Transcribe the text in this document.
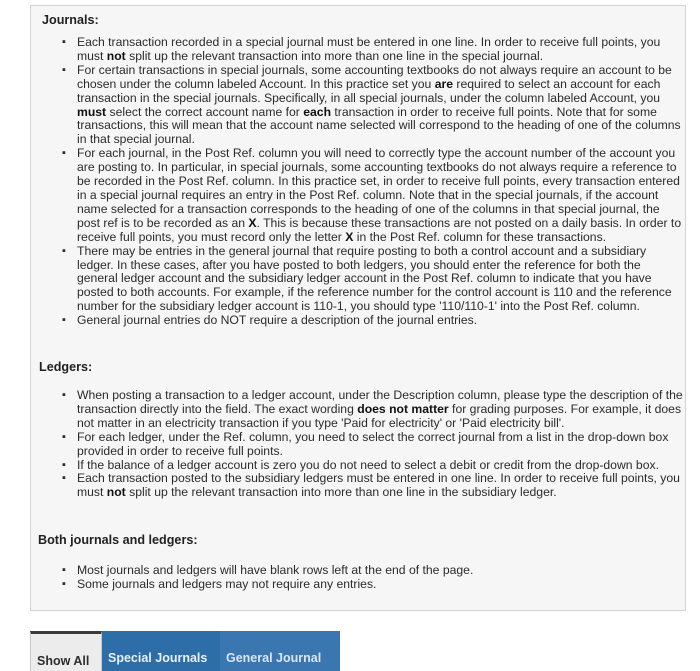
Journals:
▪ Each transaction recorded in a special journal must be entered in one line. In order to receive full points, you must not split up the relevant transaction into more than one line in the special journal.
▪ For certain transactions in special journals, some accounting textbooks do not always require an account to be chosen under the column labeled Account. In this practice set you are required to select an account for each transaction in the special journals. Specifically, in all special journals, under the column labeled Account, you must select the correct account name for each transaction in order to receive full points. Note that for some transactions, this will mean that the account name selected will correspond to the heading of one of the columns in that special journal.
▪ For each journal, in the Post Ref. column you will need to correctly type the account number of the account you are posting to. In particular, in special journals, some accounting textbooks do not always require a reference to be recorded in the Post Ref. column. In this practice set, in order to receive full points, every transaction entered in a special journal requires an entry in the Post Ref. column. Note that in the special journals, if the account name selected for a transaction corresponds to the heading of one of the columns in that special journal, the post ref is to be recorded as an X. This is because these transactions are not posted on a daily basis. In order to receive full points, you must record only the letter X in the Post Ref. column for these transactions.
▪ There may be entries in the general journal that require posting to both a control account and a subsidiary ledger. In these cases, after you have posted to both ledgers, you should enter the reference for both the general ledger account and the subsidiary ledger account in the Post Ref. column to indicate that you have posted to both accounts. For example, if the reference number for the control account is 110 and the reference number for the subsidiary ledger account is 110-1, you should type '110/110-1' into the Post Ref. column.
▪ General journal entries do NOT require a description of the journal entries.
Ledgers:
▪ When posting a transaction to a ledger account, under the Description column, please type the description of the transaction directly into the field. The exact wording does not matter for grading purposes. For example, it does not matter in an electricity transaction if you type 'Paid for electricity' or 'Paid electricity bill'.
▪ For each ledger, under the Ref. column, you need to select the correct journal from a list in the drop-down box provided in order to receive full points.
▪ If the balance of a ledger account is zero you do not need to select a debit or credit from the drop-down box.
▪ Each transaction posted to the subsidiary ledgers must be entered in one line. In order to receive full points, you must not split up the relevant transaction into more than one line in the subsidiary ledger.
Both journals and ledgers:
▪ Most journals and ledgers will have blank rows left at the end of the page.
▪ Some journals and ledgers may not require any entries.
Show All	Special Journals	General Journal
